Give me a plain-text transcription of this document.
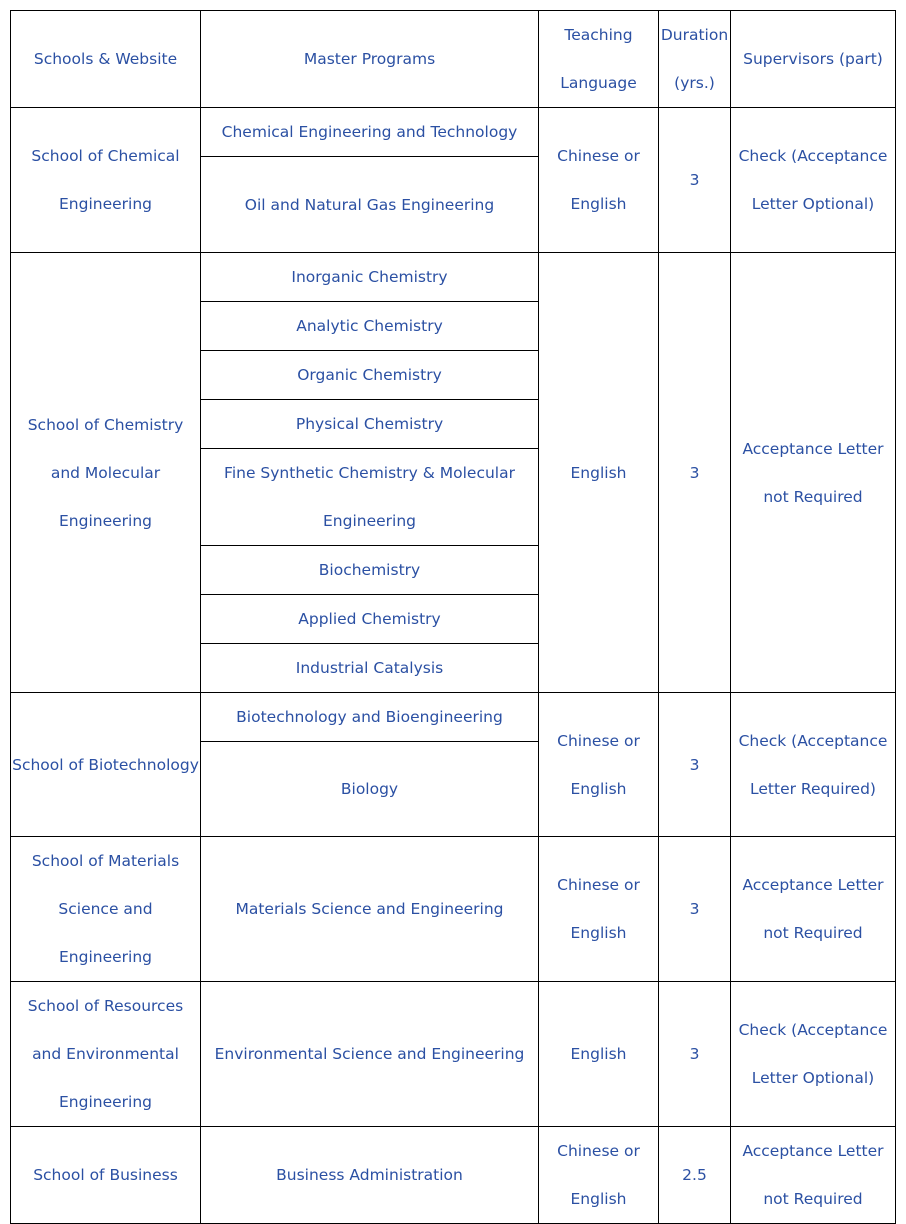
Schools & Website	Master Programs	Teaching Language	Duration (yrs.)	Supervisors (part)
School of Chemical Engineering	Chemical Engineering and Technology	Chinese or English	3	Check (Acceptance Letter Optional)
	Oil and Natural Gas Engineering			
School of Chemistry and Molecular Engineering	Inorganic Chemistry	English	3	Acceptance Letter not Required
	Analytic Chemistry			
	Organic Chemistry			
	Physical Chemistry			
	Fine Synthetic Chemistry & Molecular Engineering			
	Biochemistry			
	Applied Chemistry			
	Industrial Catalysis			
School of Biotechnology	Biotechnology and Bioengineering	Chinese or English	3	Check (Acceptance Letter Required)
	Biology			
School of Materials Science and Engineering	Materials Science and Engineering	Chinese or English	3	Acceptance Letter not Required
School of Resources and Environmental Engineering	Environmental Science and Engineering	English	3	Check (Acceptance Letter Optional)
School of Business	Business Administration	Chinese or English	2.5	Acceptance Letter not Required
